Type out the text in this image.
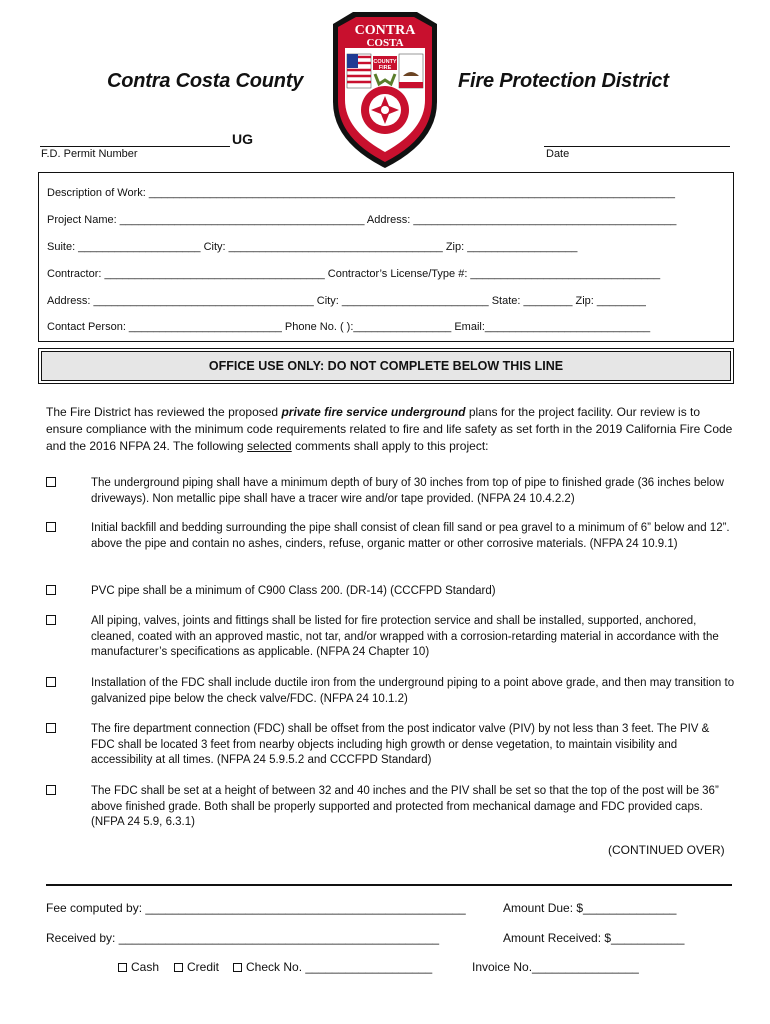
Contra Costa County	Fire Protection District
CONTRA
COSTA
COUNTY
FIRE
UG
F.D. Permit Number	Date
Description of Work: ______________________________________________________________________________________
Project Name: ________________________________________ Address: ___________________________________________
Suite: ____________________ City: ___________________________________ Zip: __________________
Contractor: ____________________________________ Contractor’s License/Type #: _______________________________
Address: ____________________________________ City: ________________________ State: ________ Zip: ________
Contact Person: _________________________ Phone No. ( ):________________ Email:___________________________
OFFICE USE ONLY: DO NOT COMPLETE BELOW THIS LINE
The Fire District has reviewed the proposed private fire service underground plans for the project facility. Our review is to ensure compliance with the minimum code requirements related to fire and life safety as set forth in the 2019 California Fire Code and the 2016 NFPA 24. The following selected comments shall apply to this project:
The underground piping shall have a minimum depth of bury of 30 inches from top of pipe to finished grade (36 inches below driveways). Non metallic pipe shall have a tracer wire and/or tape provided. (NFPA 24 10.4.2.2)
Initial backfill and bedding surrounding the pipe shall consist of clean fill sand or pea gravel to a minimum of 6” below and 12”. above the pipe and contain no ashes, cinders, refuse, organic matter or other corrosive materials. (NFPA 24 10.9.1)
PVC pipe shall be a minimum of C900 Class 200. (DR-14) (CCCFPD Standard)
All piping, valves, joints and fittings shall be listed for fire protection service and shall be installed, supported, anchored, cleaned, coated with an approved mastic, not tar, and/or wrapped with a corrosion-retarding material in accordance with the manufacturer’s specifications as applicable. (NFPA 24 Chapter 10)
Installation of the FDC shall include ductile iron from the underground piping to a point above grade, and then may transition to galvanized pipe below the check valve/FDC. (NFPA 24 10.1.2)
The fire department connection (FDC) shall be offset from the post indicator valve (PIV) by not less than 3 feet. The PIV & FDC shall be located 3 feet from nearby objects including high growth or dense vegetation, to maintain visibility and accessibility at all times. (NFPA 24 5.9.5.2 and CCCFPD Standard)
The FDC shall be set at a height of between 32 and 40 inches and the PIV shall be set so that the top of the post will be 36” above finished grade. Both shall be properly supported and protected from mechanical damage and FDC provided caps. (NFPA 24 5.9, 6.3.1)
(CONTINUED OVER)
Fee computed by: ________________________________________________	Amount Due: $______________
Received by: ________________________________________________	Amount Received: $___________
Cash Credit Check No. ___________________	Invoice No.________________
